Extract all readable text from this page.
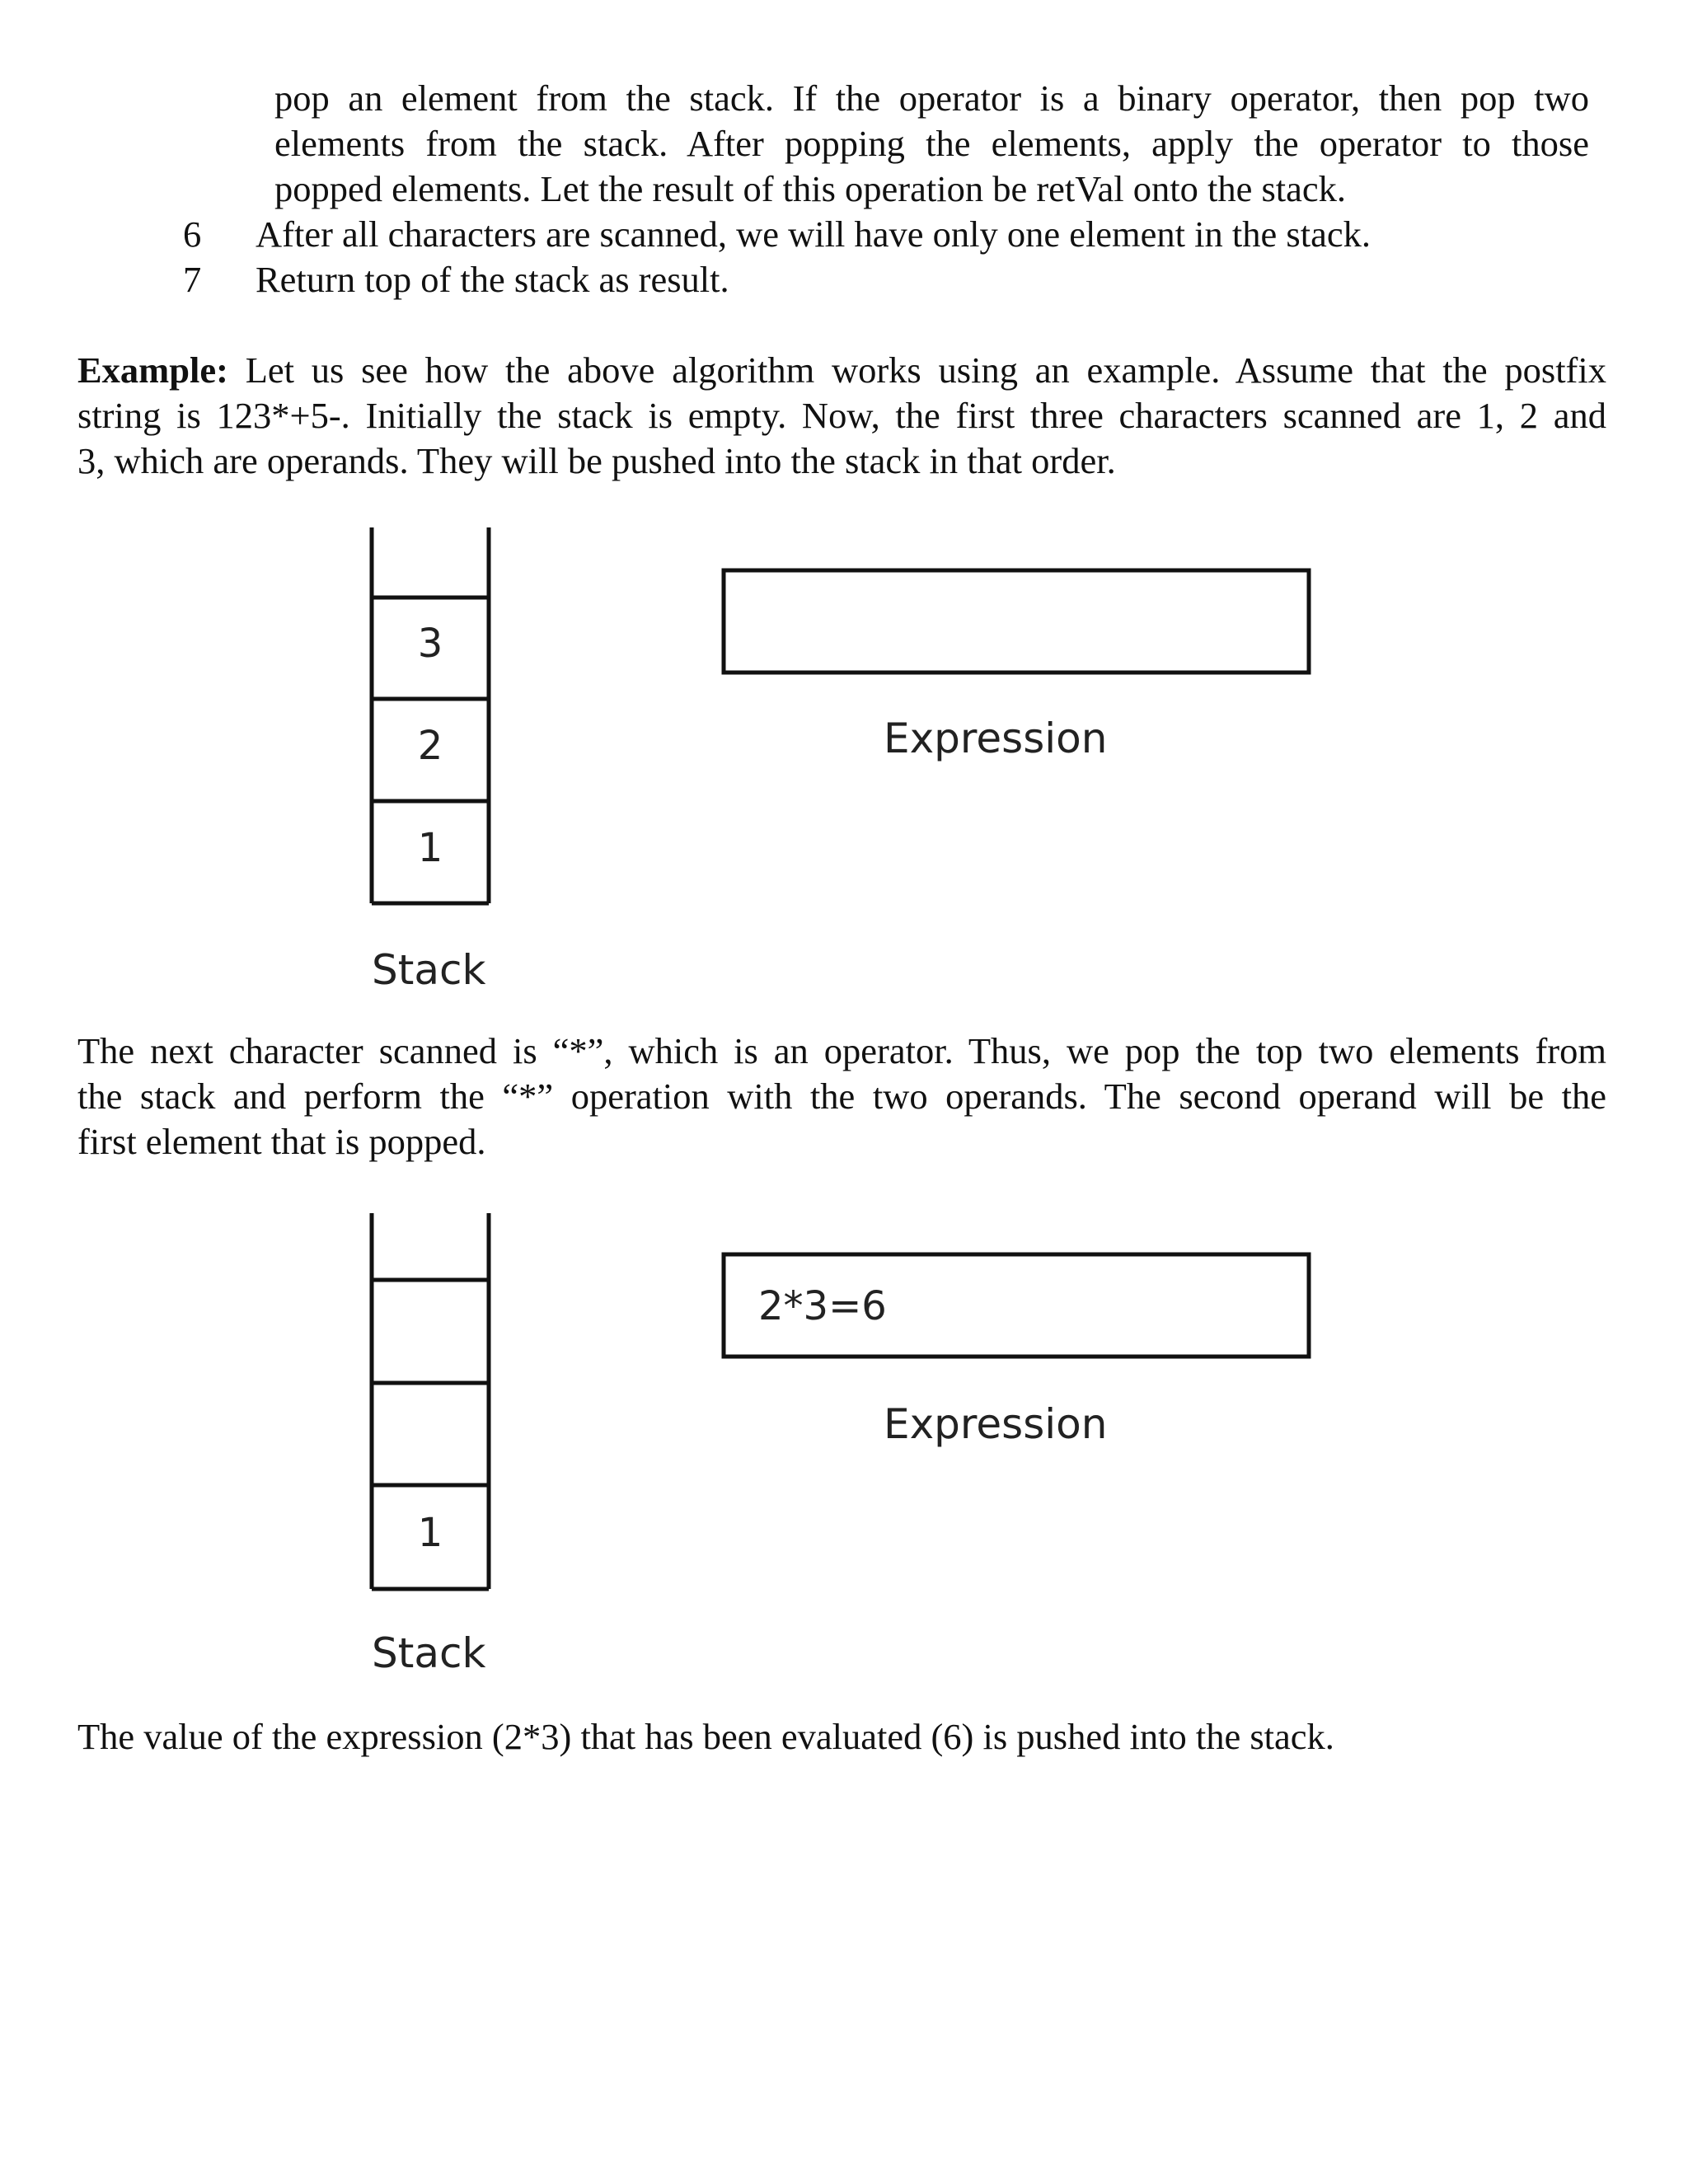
pop an element from the stack. If the operator is a binary operator, then pop two
elements from the stack. After popping the elements, apply the operator to those
popped elements. Let the result of this operation be retVal onto the stack.
6 After all characters are scanned, we will have only one element in the stack.
7 Return top of the stack as result.
Example: Let us see how the above algorithm works using an example. Assume that the postfix
string is 123*+5-. Initially the stack is empty. Now, the first three characters scanned are 1, 2 and
3, which are operands. They will be pushed into the stack in that order.
3
2
1
Stack
Expression
The next character scanned is “*”, which is an operator. Thus, we pop the top two elements from
the stack and perform the “*” operation with the two operands. The second operand will be the
first element that is popped.
1
Stack
2*3=6
Expression
The value of the expression (2*3) that has been evaluated (6) is pushed into the stack.
